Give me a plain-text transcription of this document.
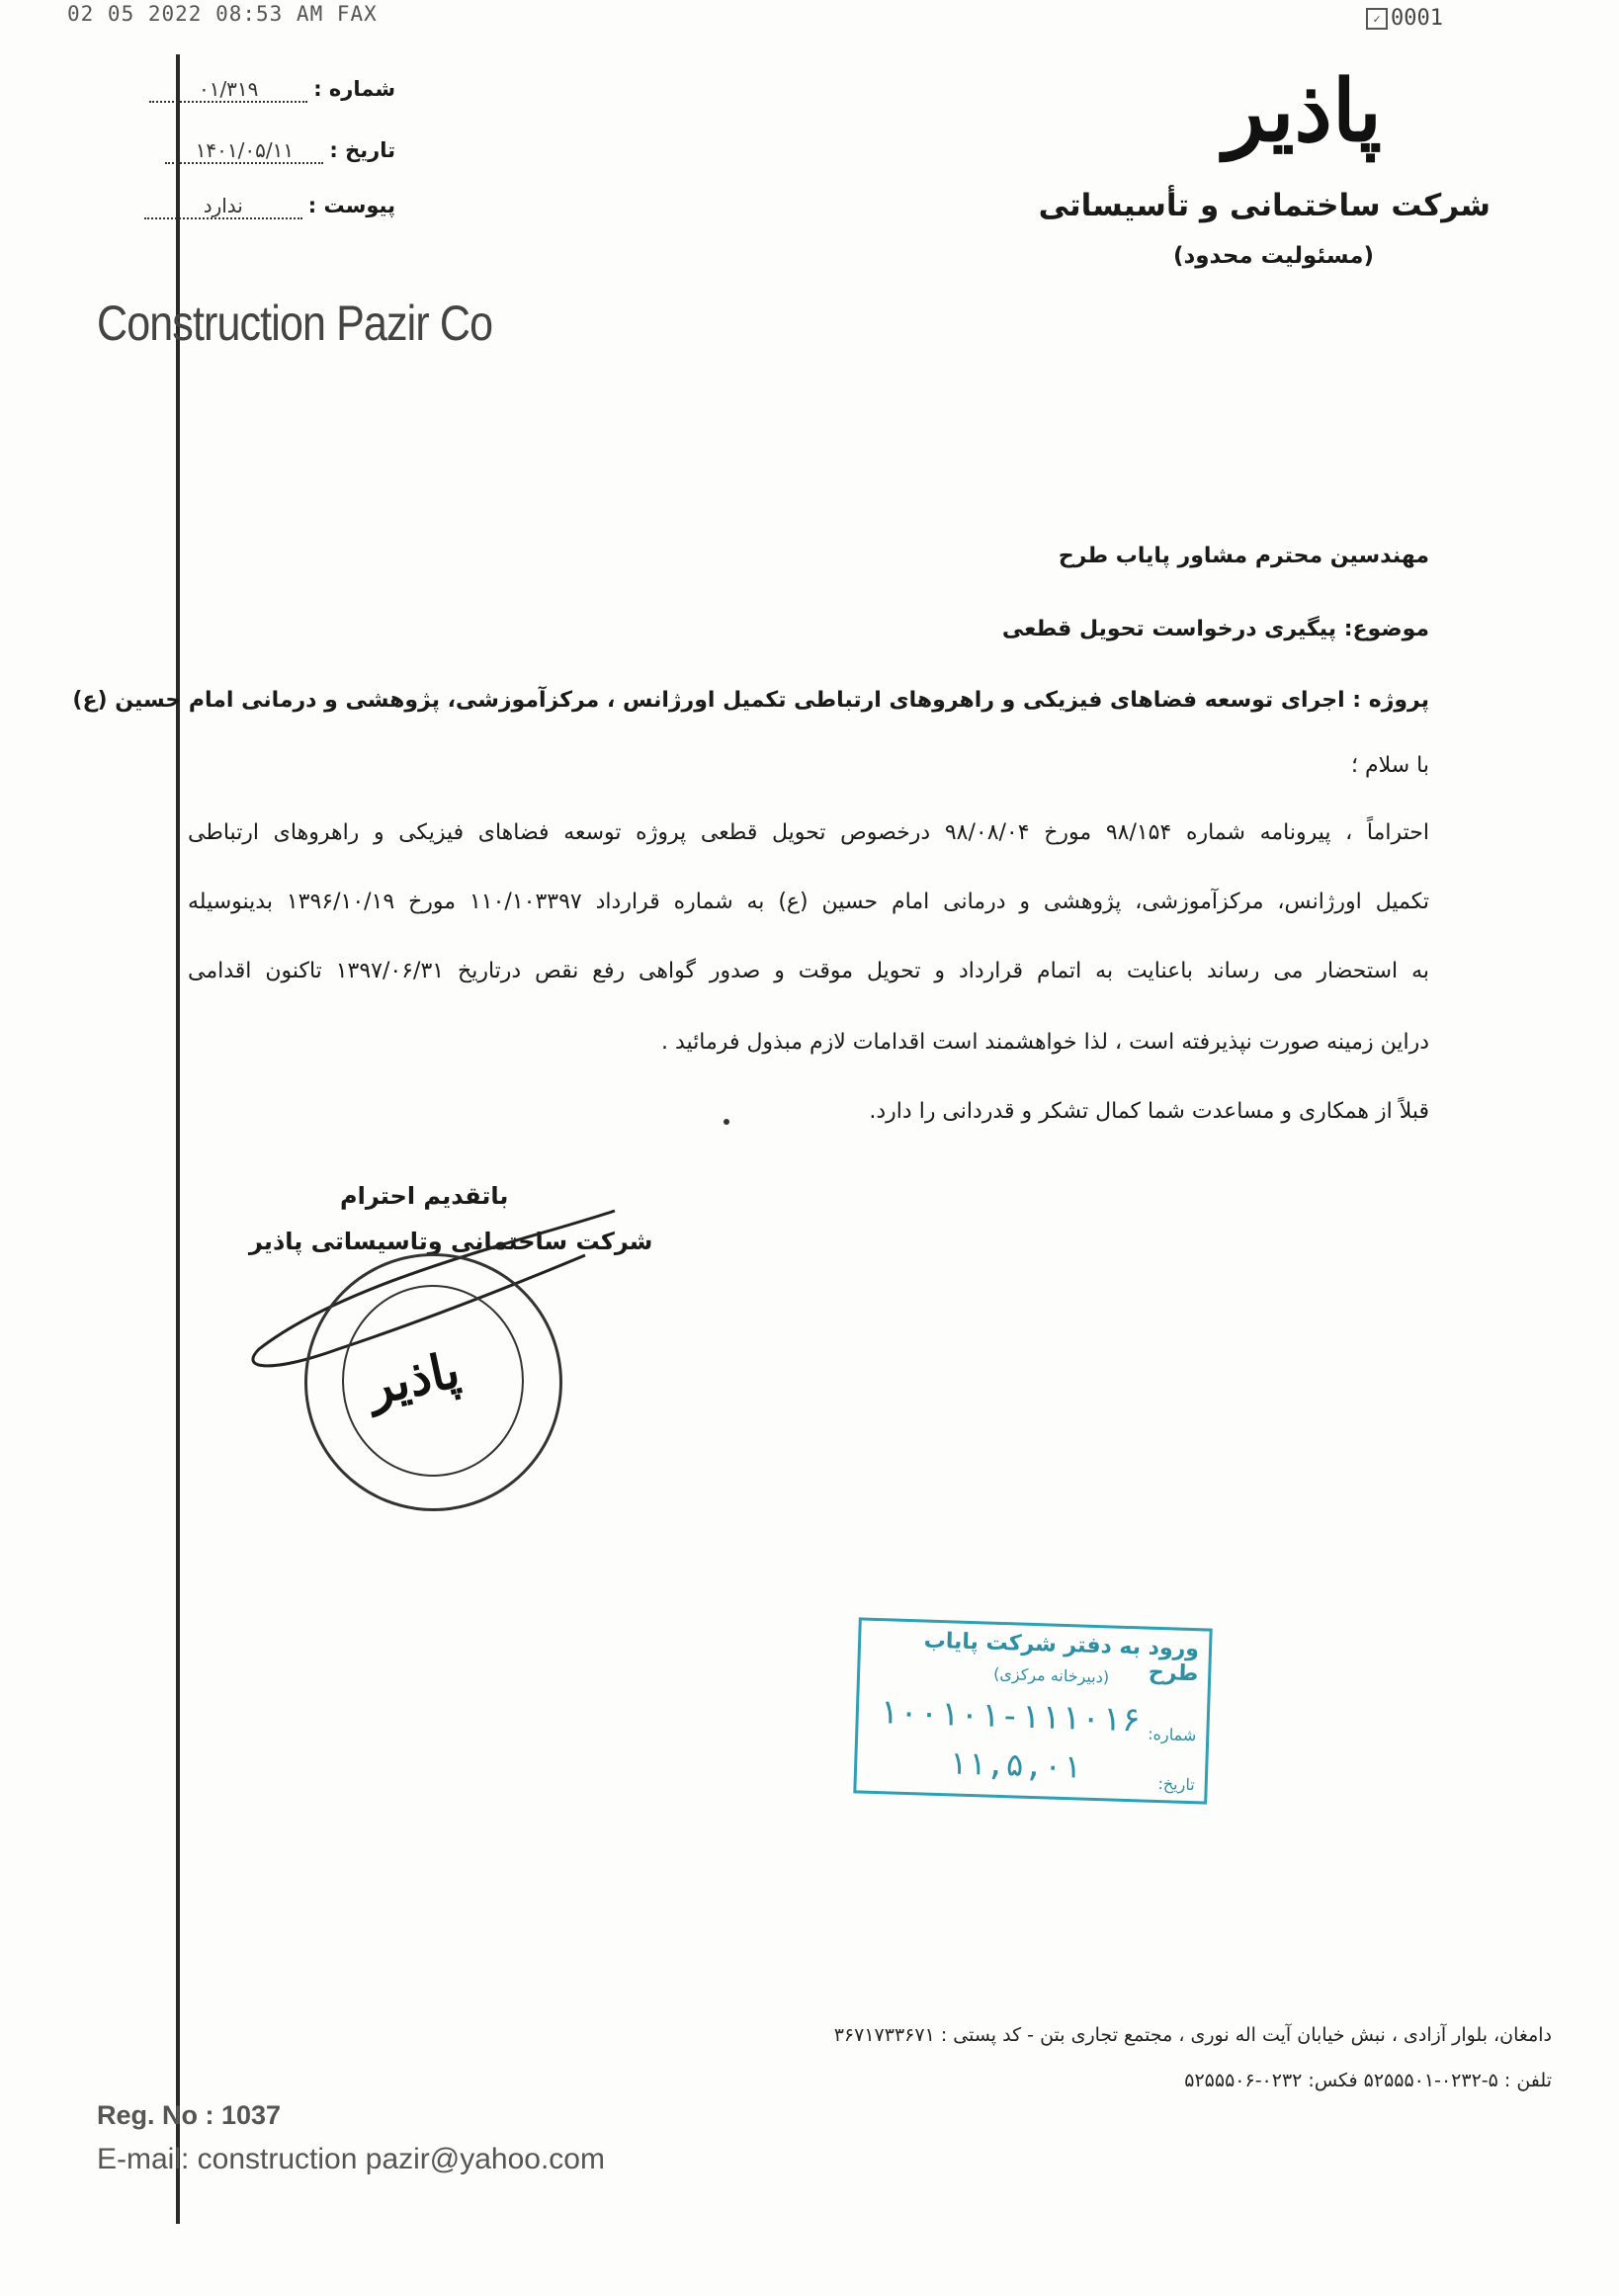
02 05 2022 08:53 AM FAX	✓ 0001
شماره :
۰۱/۳۱۹
تاریخ :
۱۴۰۱/۰۵/۱۱
پیوست :
ندارد
پاذیر
شرکت ساختمانی و تأسیساتی
(مسئولیت محدود)
Construction Pazir Co
مهندسین محترم مشاور پایاب طرح
موضوع: پیگیری درخواست تحویل قطعی
پروژه : اجرای توسعه فضاهای فیزیکی و راهروهای ارتباطی تکمیل اورژانس ، مرکزآموزشی، پژوهشی و درمانی امام حسین (ع)
با سلام ؛
احتراماً ، پیرونامه شماره ۹۸/۱۵۴ مورخ ۹۸/۰۸/۰۴ درخصوص تحویل قطعی پروژه توسعه فضاهای فیزیکی و راهروهای ارتباطی
تکمیل اورژانس، مرکزآموزشی، پژوهشی و درمانی امام حسین (ع) به شماره قرارداد ۱۱۰/۱۰۳۳۹۷ مورخ ۱۳۹۶/۱۰/۱۹ بدینوسیله
به استحضار می رساند باعنایت به اتمام قرارداد و تحویل موقت و صدور گواهی رفع نقص درتاریخ ۱۳۹۷/۰۶/۳۱ تاکنون اقدامی
دراین زمینه صورت نپذیرفته است ، لذا خواهشمند است اقدامات لازم مبذول فرمائید .
قبلاً از همکاری و مساعدت شما کمال تشکر و قدردانی را دارد.
باتقدیم احترام
شرکت ساختمانی وتاسیساتی پاذیر
پاذیر
ورود به دفتر شرکت پایاب طرح
(دبیرخانه مرکزی)
۱۰۰۱۰۱-۱۱۱۰۱۶ شماره:
۱۱,۵,۰۱	تاریخ:
دامغان، بلوار آزادی ، نبش خیابان آیت اله نوری ، مجتمع تجاری بتن - کد پستی : ۳۶۷۱۷۳۳۶۷۱
تلفن : ۵-۰۲۳۲-۵۲۵۵۵۰۱ فکس: ۰۲۳۲-۵۲۵۵۵۰۶
Reg. No : 1037
E-mail: construction pazir@yahoo.com
